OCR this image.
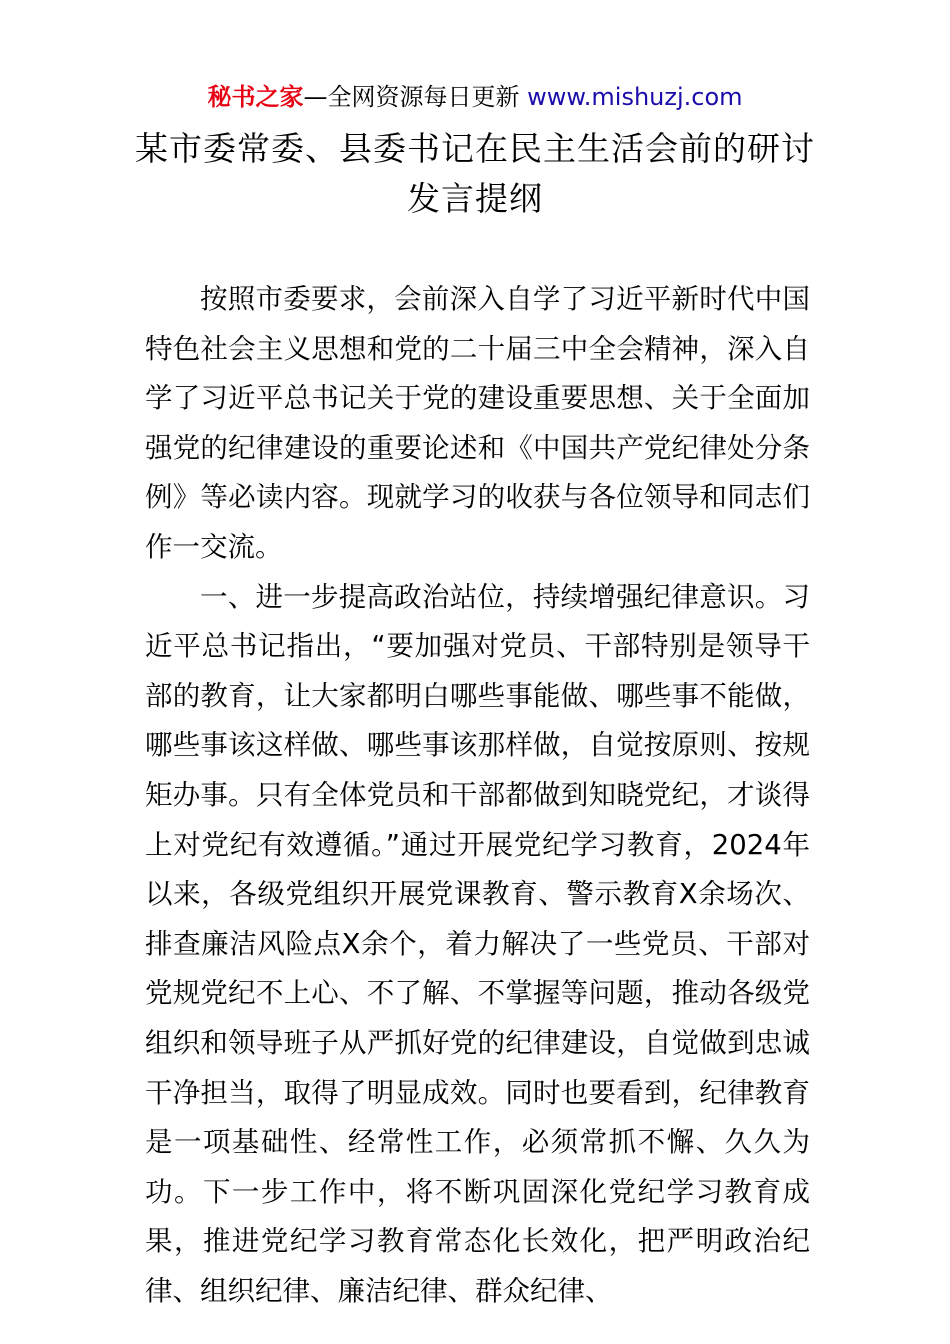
秘书之家—全网资源每日更新 www.mishuzj.com
某市委常委、县委书记在民主生活会前的研讨发言提纲

按照市委要求，会前深入自学了习近平新时代中国特色社会主义思想和党的二十届三中全会精神，深入自学了习近平总书记关于党的建设重要思想、关于全面加强党的纪律建设的重要论述和《中国共产党纪律处分条例》等必读内容。现就学习的收获与各位领导和同志们作一交流。

一、进一步提高政治站位，持续增强纪律意识。习近平总书记指出，“要加强对党员、干部特别是领导干部的教育，让大家都明白哪些事能做、哪些事不能做，哪些事该这样做、哪些事该那样做，自觉按原则、按规矩办事。只有全体党员和干部都做到知晓党纪，才谈得上对党纪有效遵循。”通过开展党纪学习教育，2024年以来，各级党组织开展党课教育、警示教育X余场次、排查廉洁风险点X余个，着力解决了一些党员、干部对党规党纪不上心、不了解、不掌握等问题，推动各级党组织和领导班子从严抓好党的纪律建设，自觉做到忠诚干净担当，取得了明显成效。同时也要看到，纪律教育是一项基础性、经常性工作，必须常抓不懈、久久为功。下一步工作中，将不断巩固深化党纪学习教育成果，推进党纪学习教育常态化长效化，把严明政治纪律、组织纪律、廉洁纪律、群众纪律、
